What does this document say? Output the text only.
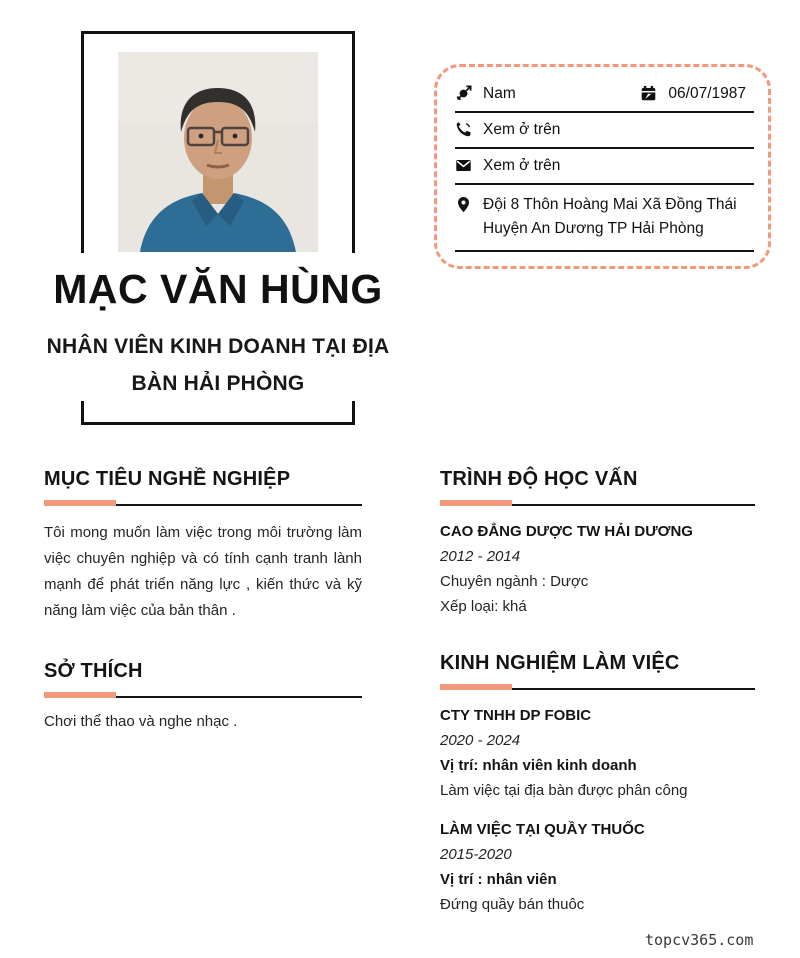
MẠC VĂN HÙNG
NHÂN VIÊN KINH DOANH TẠI ĐỊA BÀN HẢI PHÒNG
Nam	06/07/1987
Xem ở trên
Xem ở trên
Đội 8 Thôn Hoàng Mai Xã Đồng Thái Huyện An Dương TP Hải Phòng
MỤC TIÊU NGHỀ NGHIỆP
Tôi mong muốn làm việc trong môi trường làm việc chuyên nghiệp và có tính cạnh tranh lành mạnh để phát triển năng lực , kiến thức và kỹ năng làm việc của bản thân .
SỞ THÍCH
Chơi thể thao và nghe nhạc .
TRÌNH ĐỘ HỌC VẤN
CAO ĐẲNG DƯỢC TW HẢI DƯƠNG
2012 - 2014
Chuyên ngành : Dược
Xếp loại: khá
KINH NGHIỆM LÀM VIỆC
CTY TNHH DP FOBIC
2020 - 2024
Vị trí: nhân viên kinh doanh
Làm việc tại địa bàn được phân công
LÀM VIỆC TẠI QUẦY THUỐC
2015-2020
Vị trí : nhân viên
Đứng quầy bán thuôc
topcv365.com
